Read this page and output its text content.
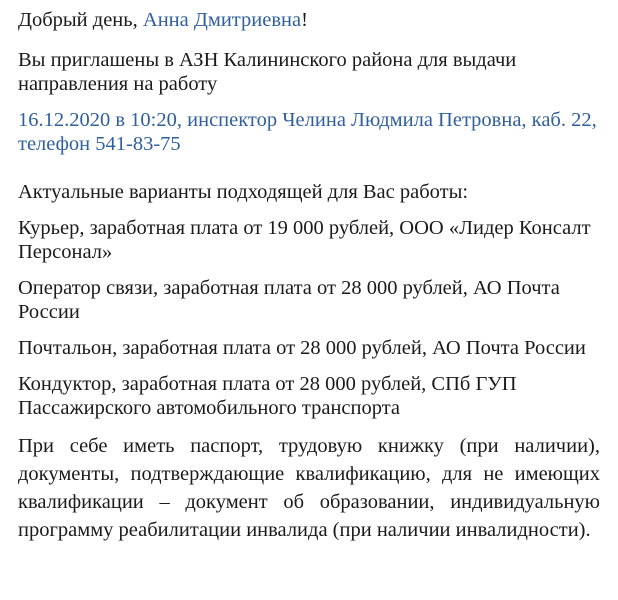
Добрый день, Анна Дмитриевна!

Вы приглашены в АЗН Калининского района для выдачи направления на работу

16.12.2020 в 10:20, инспектор Челина Людмила Петровна, каб. 22, телефон 541-83-75

Актуальные варианты подходящей для Вас работы:

Курьер, заработная плата от 19 000 рублей, ООО «Лидер Консалт Персонал»

Оператор связи, заработная плата от 28 000 рублей, АО Почта России

Почтальон, заработная плата от 28 000 рублей, АО Почта России

Кондуктор, заработная плата от 28 000 рублей, СПб ГУП Пассажирского автомобильного транспорта

При себе иметь паспорт, трудовую книжку (при наличии), документы, подтверждающие квалификацию, для не имеющих квалификации – документ об образовании, индивидуальную программу реабилитации инвалида (при наличии инвалидности).
